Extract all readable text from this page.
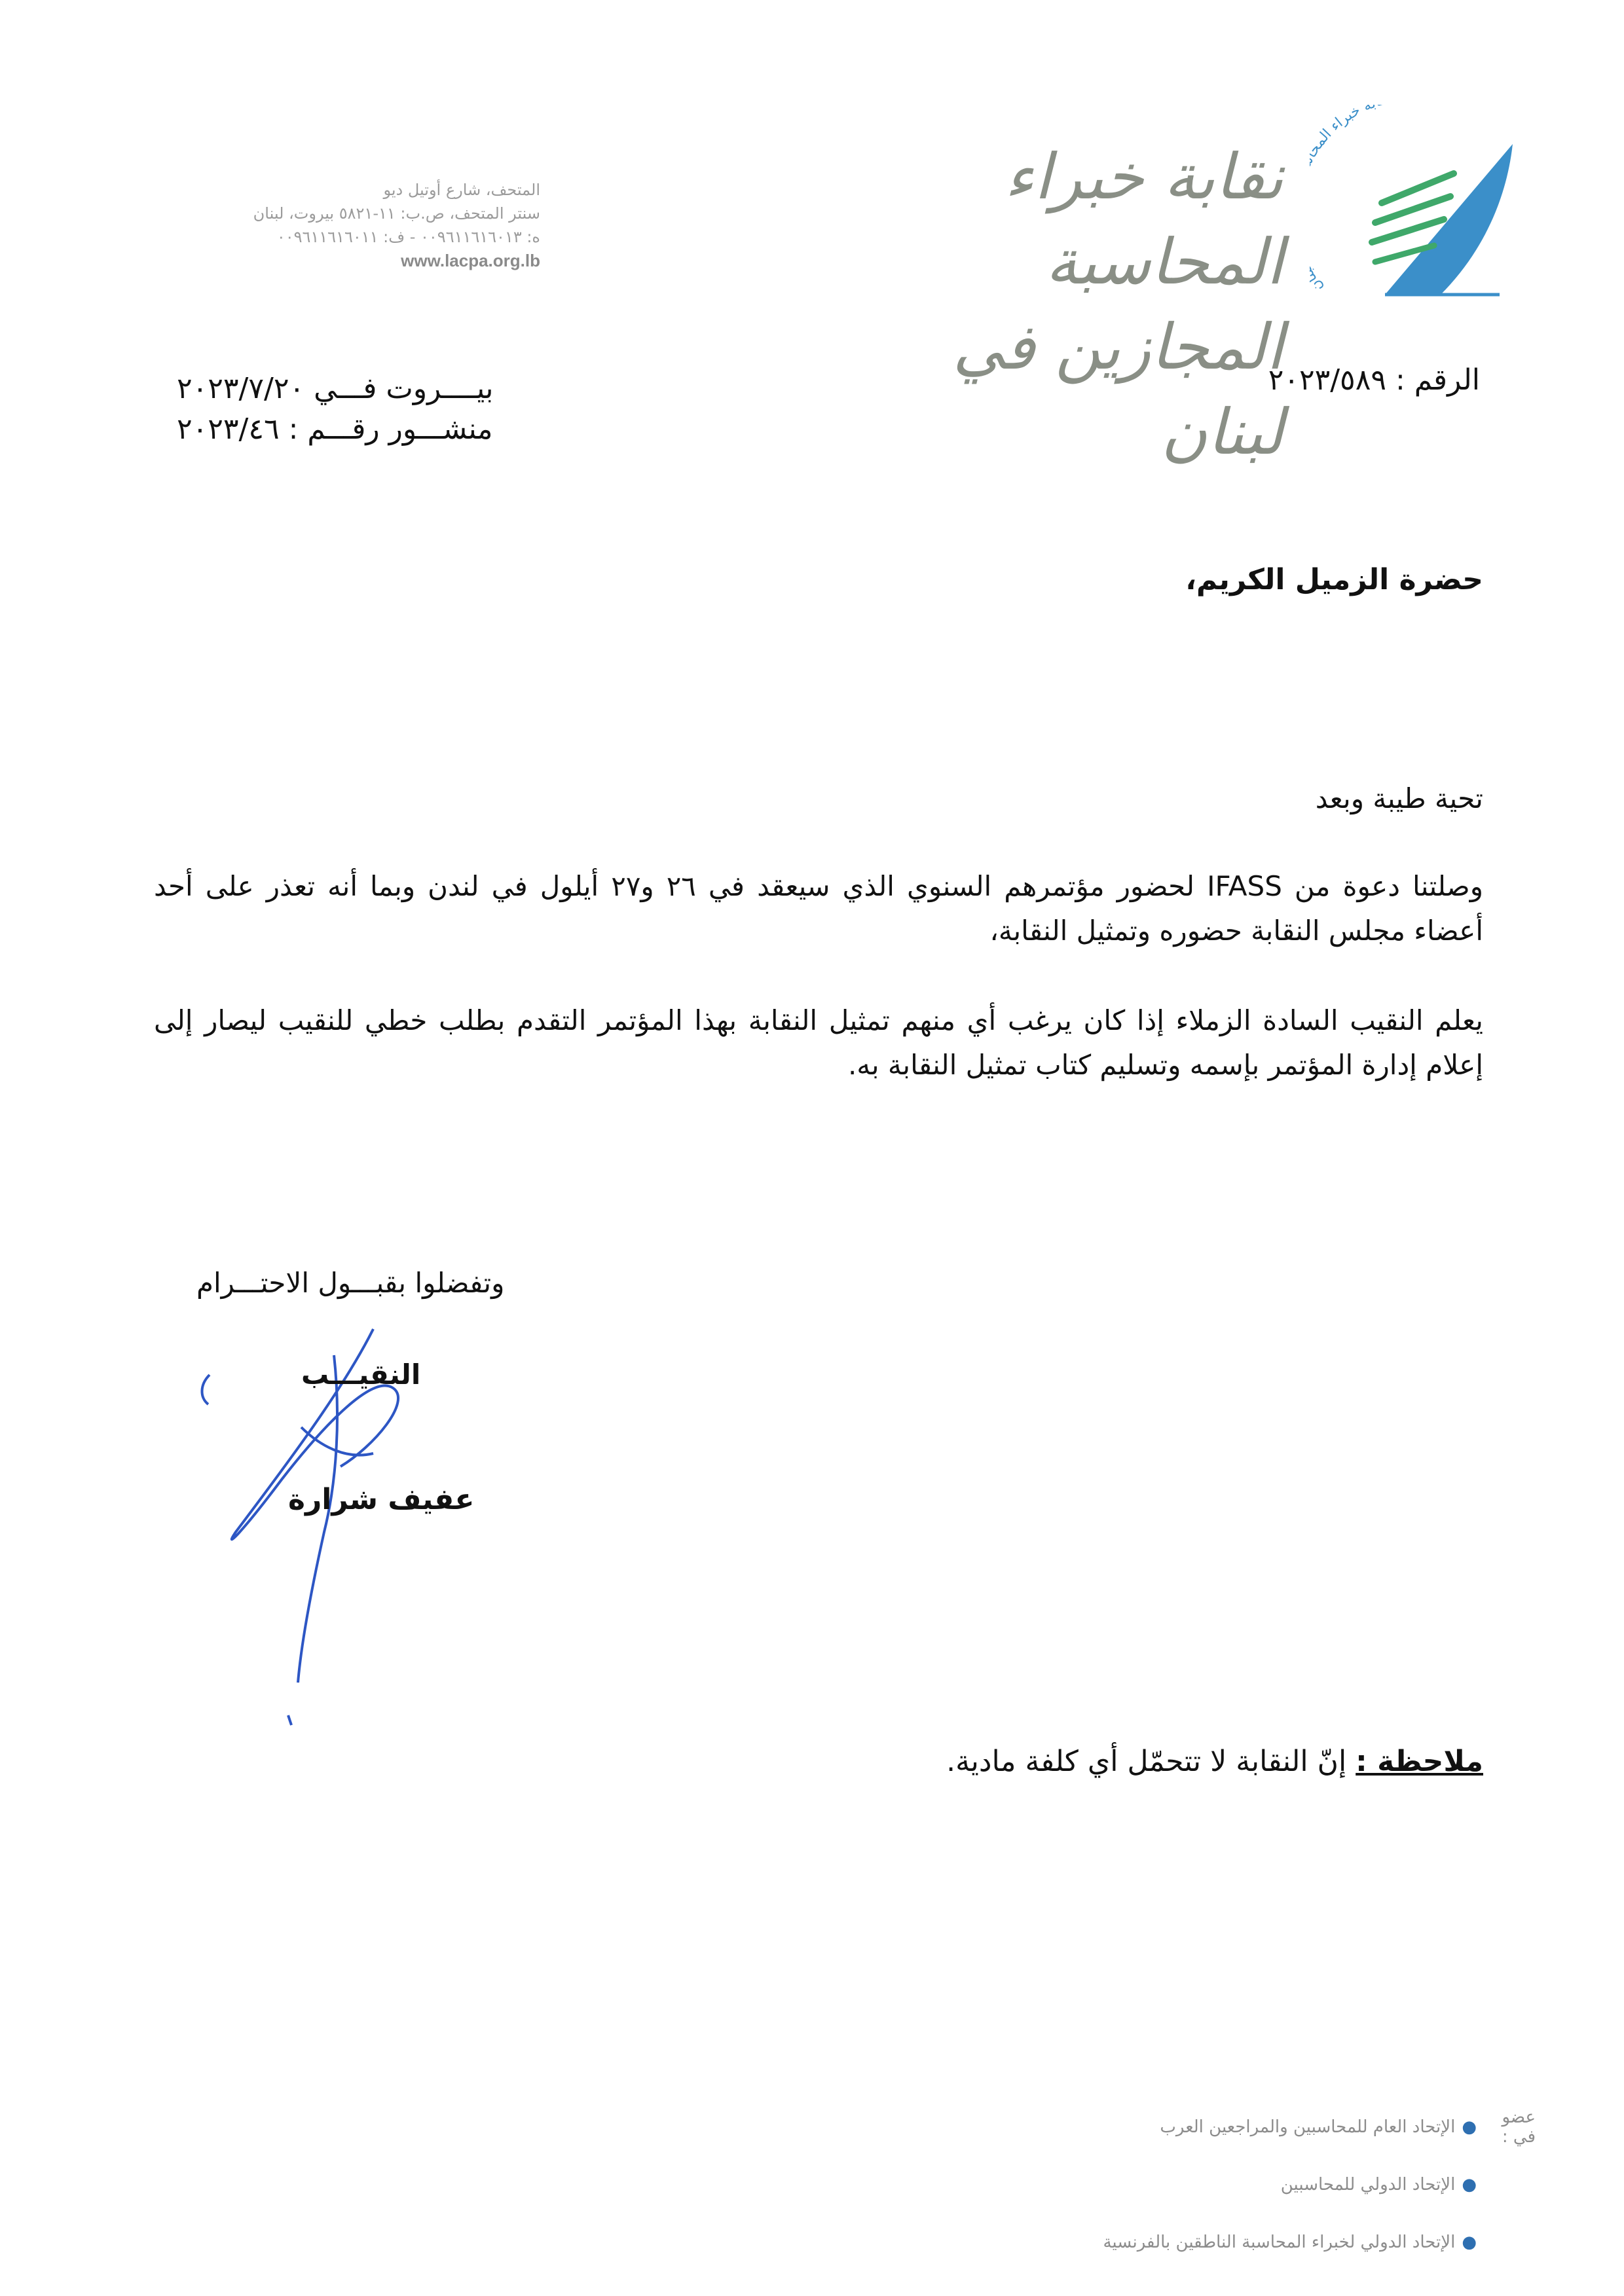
ة خبراء الم
نقابة خبراء المحاسبة
المجازين في لبنان
المتحف، شارع أوتيل ديو
سنتر المتحف، ص.ب: ١١-٥٨٢١ بيروت، لبنان
ه: ٠٠٩٦١١٦١٦٠١٣ - ف: ٠٠٩٦١١٦١٦٠١١
www.lacpa.org.lb
الرقم : ٢٠٢٣/٥٨٩
بيــــروت فـــي ٢٠٢٣/٧/٢٠
منشـــور رقـــم : ٢٠٢٣/٤٦
حضرة الزميل الكريم،
تحية طيبة وبعد
وصلتنا دعوة من IFASS لحضور مؤتمرهم السنوي الذي سيعقد في ٢٦ و٢٧ أيلول في لندن وبما أنه تعذر على أحد أعضاء مجلس النقابة حضوره وتمثيل النقابة،
يعلم النقيب السادة الزملاء إذا كان يرغب أي منهم تمثيل النقابة بهذا المؤتمر التقدم بطلب خطي للنقيب ليصار إلى إعلام إدارة المؤتمر بإسمه وتسليم كتاب تمثيل النقابة به.
وتفضلوا بقبـــول الاحتـــرام
النقيـــب
عفيف شرارة
ملاحظة : إنّ النقابة لا تتحمّل أي كلفة مادية.
عضو في :
●
الإتحاد العام للمحاسبين والمراجعين العرب
●
الإتحاد الدولي للمحاسبين
●
الإتحاد الدولي لخبراء المحاسبة الناطقين بالفرنسية
